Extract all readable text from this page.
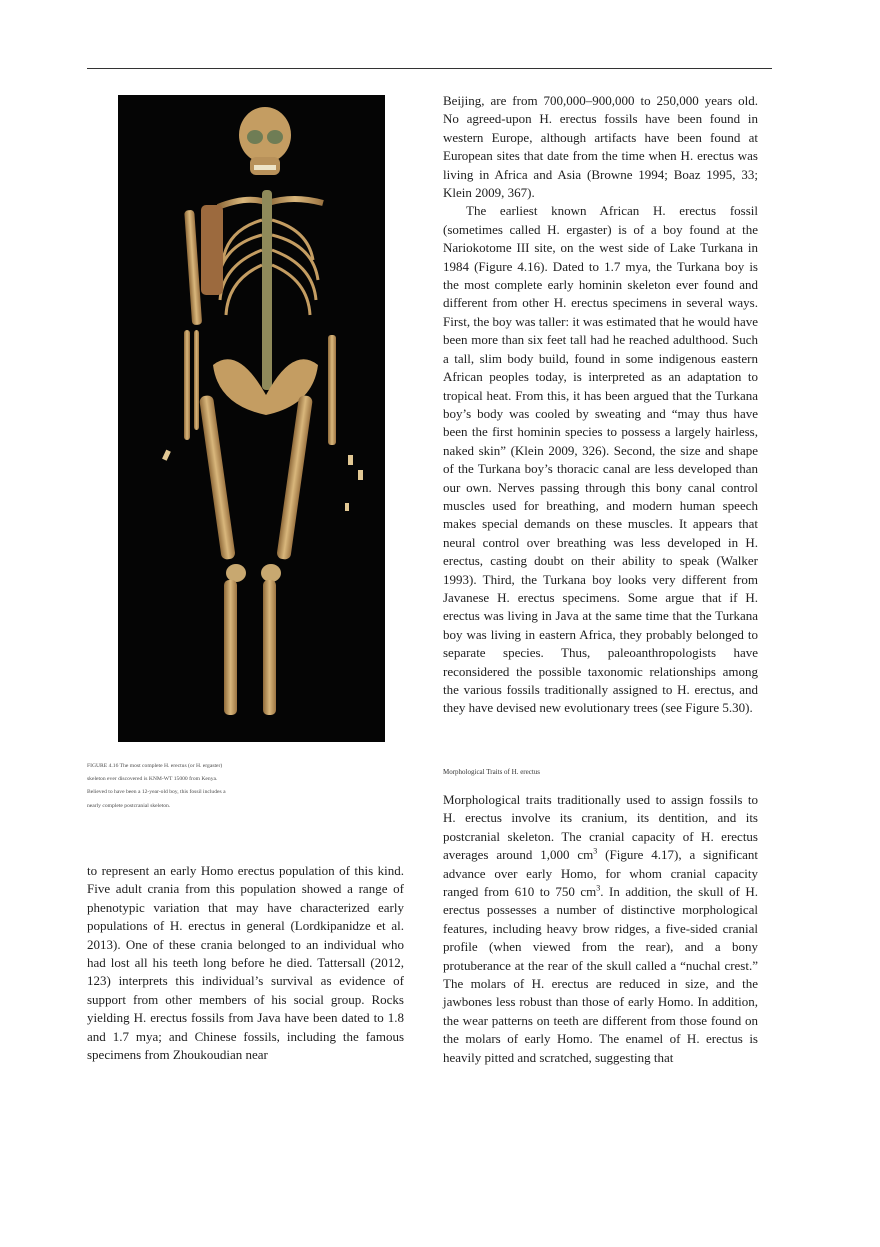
FIGURE 4.16 The most complete H. erectus (or H. ergaster)

skeleton ever discovered is KNM-WT 15000 from Kenya.

Believed to have been a 12-year-old boy, this fossil includes a

nearly complete postcranial skeleton.

Beijing, are from 700,000–900,000 to 250,000 years old. No agreed-upon H. erectus fossils have been found in western Europe, although artifacts have been found at European sites that date from the time when H. erectus was living in Africa and Asia (Browne 1994; Boaz 1995, 33; Klein 2009, 367).

The earliest known African H. erectus fossil (sometimes called H. ergaster) is of a boy found at the Nariokotome III site, on the west side of Lake Turkana in 1984 (Figure 4.16). Dated to 1.7 mya, the Turkana boy is the most complete early hominin skeleton ever found and different from other H. erectus specimens in several ways. First, the boy was taller: it was estimated that he would have been more than six feet tall had he reached adulthood. Such a tall, slim body build, found in some indigenous eastern African peoples today, is interpreted as an adaptation to tropical heat. From this, it has been argued that the Turkana boy’s body was cooled by sweating and “may thus have been the first hominin species to possess a largely hairless, naked skin” (Klein 2009, 326). Second, the size and shape of the Turkana boy’s thoracic canal are less developed than our own. Nerves passing through this bony canal control muscles used for breathing, and modern human speech makes special demands on these muscles. It appears that neural control over breathing was less developed in H. erectus, casting doubt on their ability to speak (Walker 1993). Third, the Turkana boy looks very different from Javanese H. erectus specimens. Some argue that if H. erectus was living in Java at the same time that the Turkana boy was living in eastern Africa, they probably belonged to separate species. Thus, paleoanthropologists have reconsidered the possible taxonomic relationships among the various fossils traditionally assigned to H. erectus, and they have devised new evolutionary trees (see Figure 5.30).

to represent an early Homo erectus population of this kind. Five adult crania from this population showed a range of phenotypic variation that may have characterized early populations of H. erectus in general (Lordkipanidze et al. 2013). One of these crania belonged to an individual who had lost all his teeth long before he died. Tattersall (2012, 123) interprets this individual’s survival as evidence of support from other members of his social group. Rocks yielding H. erectus fossils from Java have been dated to 1.8 and 1.7 mya; and Chinese fossils, including the famous specimens from Zhoukoudian near

Morphological Traits of H. erectus

Morphological traits traditionally used to assign fossils to H. erectus involve its cranium, its dentition, and its postcranial skeleton. The cranial capacity of H. erectus averages around 1,000 $cm^3$ (Figure 4.17), a significant advance over early Homo, for whom cranial capacity ranged from 610 to 750 $cm^3$. In addition, the skull of H. erectus possesses a number of distinctive morphological features, including heavy brow ridges, a five-sided cranial profile (when viewed from the rear), and a bony protuberance at the rear of the skull called a “nuchal crest.” The molars of H. erectus are reduced in size, and the jawbones less robust than those of early Homo. In addition, the wear patterns on teeth are different from those found on the molars of early Homo. The enamel of H. erectus is heavily pitted and scratched, suggesting that
